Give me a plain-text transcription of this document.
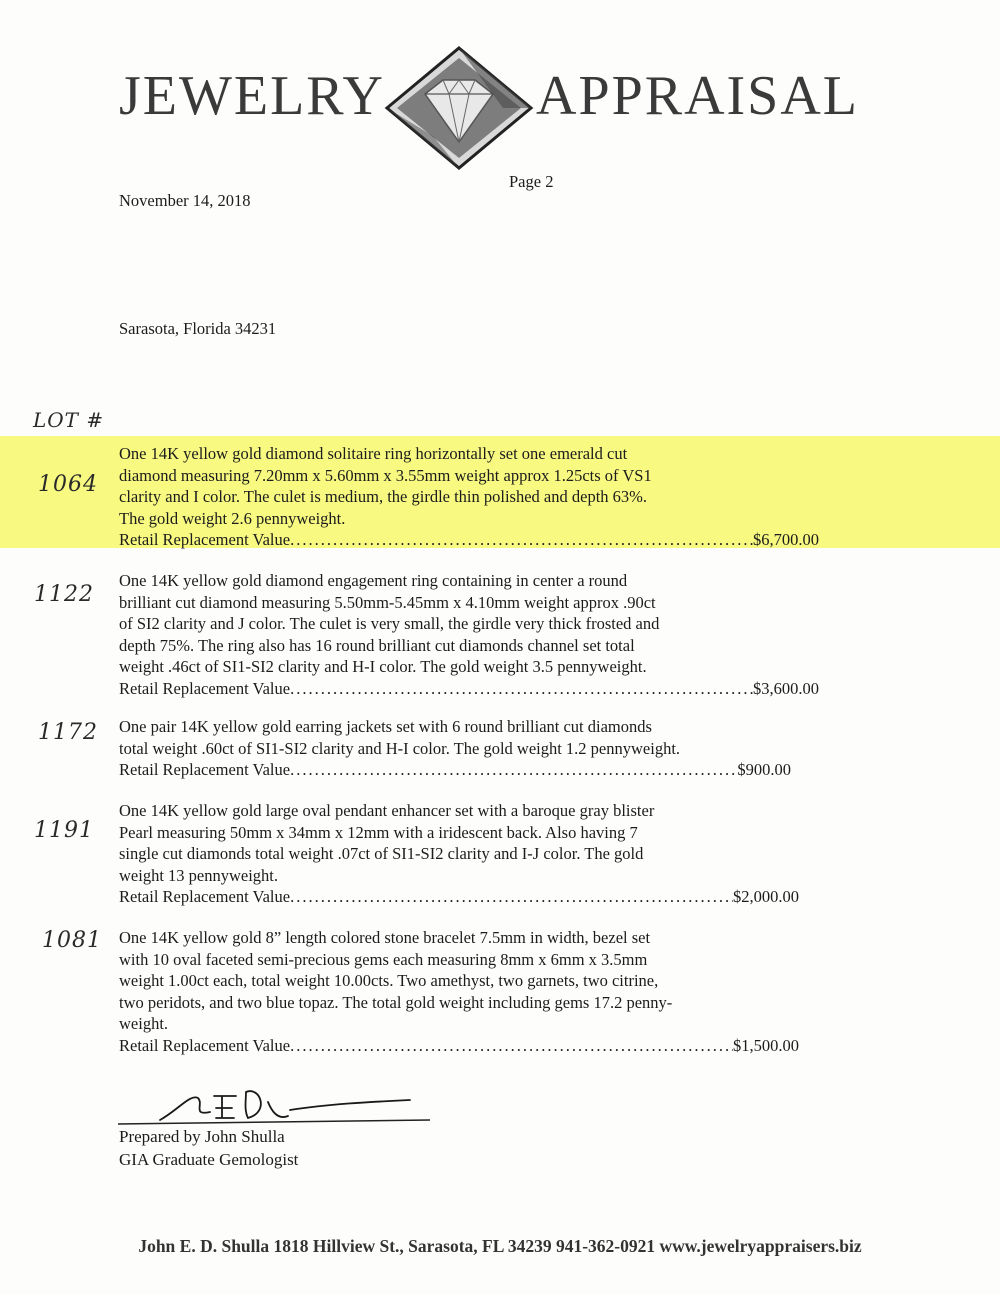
JEWELRY	APPRAISAL
Page 2
November 14, 2018
Sarasota, Florida 34231
LOT #
1064
One 14K yellow gold diamond solitaire ring horizontally set one emerald cut
diamond measuring 7.20mm x 5.60mm x 3.55mm weight approx 1.25cts of VS1
clarity and I color. The culet is medium, the girdle thin polished and depth 63%.
The gold weight 2.6 pennyweight.
Retail Replacement Value .....	$6,700.00
1122
One 14K yellow gold diamond engagement ring containing in center a round
brilliant cut diamond measuring 5.50mm-5.45mm x 4.10mm weight approx .90ct
of SI2 clarity and J color. The culet is very small, the girdle very thick frosted and
depth 75%. The ring also has 16 round brilliant cut diamonds channel set total
weight .46ct of SI1-SI2 clarity and H-I color. The gold weight 3.5 pennyweight.
Retail Replacement Value .....	$3,600.00
1172 One pair 14K yellow gold earring jackets set with 6 round brilliant cut diamonds
total weight .60ct of SI1-SI2 clarity and H-I color. The gold weight 1.2 pennyweight.
Retail Replacement Value .....	$900.00
1191
One 14K yellow gold large oval pendant enhancer set with a baroque gray blister
Pearl measuring 50mm x 34mm x 12mm with a iridescent back. Also having 7
single cut diamonds total weight .07ct of SI1-SI2 clarity and I-J color. The gold
weight 13 pennyweight.
Retail Replacement Value .....	$2,000.00
1081 One 14K yellow gold 8” length colored stone bracelet 7.5mm in width, bezel set
with 10 oval faceted semi-precious gems each measuring 8mm x 6mm x 3.5mm
weight 1.00ct each, total weight 10.00cts. Two amethyst, two garnets, two citrine,
two peridots, and two blue topaz. The total gold weight including gems 17.2 penny-
weight.
Retail Replacement Value .....	$1,500.00
Prepared by John Shulla
GIA Graduate Gemologist
John E. D. Shulla 1818 Hillview St., Sarasota, FL 34239 941-362-0921 www.jewelryappraisers.biz
